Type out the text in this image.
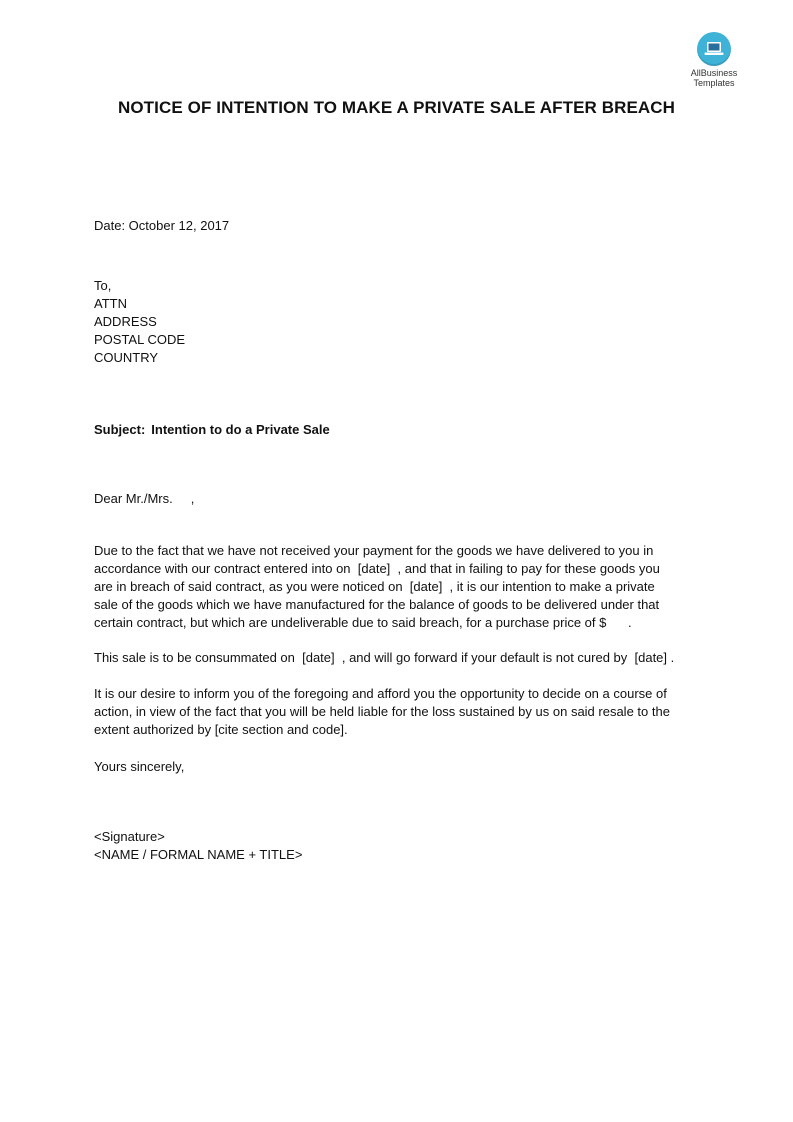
AllBusiness
Templates
NOTICE OF INTENTION TO MAKE A PRIVATE SALE AFTER BREACH
Date: October 12, 2017
To,
ATTN
ADDRESS
POSTAL CODE
COUNTRY
Subject: Intention to do a Private Sale
Dear Mr./Mrs.     ,
Due to the fact that we have not received your payment for the goods we have delivered to you in
accordance with our contract entered into on  [date]  , and that in failing to pay for these goods you
are in breach of said contract, as you were noticed on  [date]  , it is our intention to make a private
sale of the goods which we have manufactured for the balance of goods to be delivered under that
certain contract, but which are undeliverable due to said breach, for a purchase price of $      .
This sale is to be consummated on  [date]  , and will go forward if your default is not cured by  [date] .
It is our desire to inform you of the foregoing and afford you the opportunity to decide on a course of
action, in view of the fact that you will be held liable for the loss sustained by us on said resale to the
extent authorized by [cite section and code].
Yours sincerely,
<Signature>
<NAME / FORMAL NAME + TITLE>
